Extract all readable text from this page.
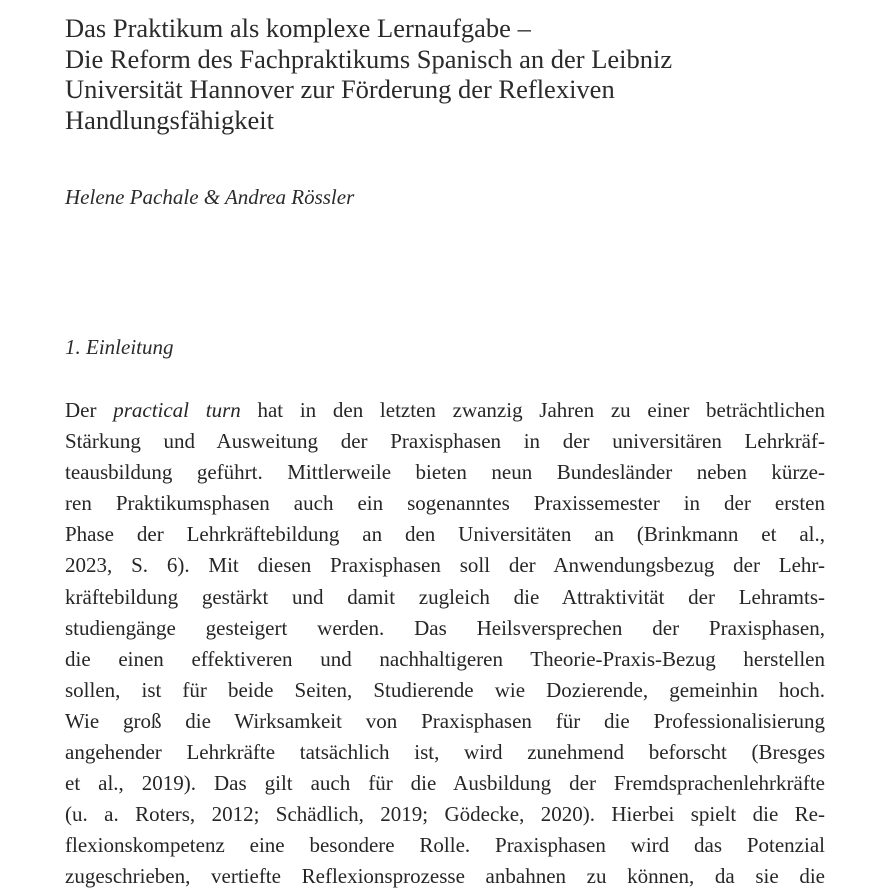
Das Praktikum als komplexe Lernaufgabe –
Die Reform des Fachpraktikums Spanisch an der Leibniz
Universität Hannover zur Förderung der Reflexiven
Handlungsfähigkeit
Helene Pachale & Andrea Rössler
1. Einleitung
Der practical turn hat in den letzten zwanzig Jahren zu einer beträchtlichen
Stärkung und Ausweitung der Praxisphasen in der universitären Lehrkräf-
teausbildung geführt. Mittlerweile bieten neun Bundesländer neben kürze-
ren Praktikumsphasen auch ein sogenanntes Praxissemester in der ersten
Phase der Lehrkräftebildung an den Universitäten an (Brinkmann et al.,
2023, S. 6). Mit diesen Praxisphasen soll der Anwendungsbezug der Lehr-
kräftebildung gestärkt und damit zugleich die Attraktivität der Lehramts-
studiengänge gesteigert werden. Das Heilsversprechen der Praxisphasen,
die einen effektiveren und nachhaltigeren Theorie-Praxis-Bezug herstellen
sollen, ist für beide Seiten, Studierende wie Dozierende, gemeinhin hoch.
Wie groß die Wirksamkeit von Praxisphasen für die Professionalisierung
angehender Lehrkräfte tatsächlich ist, wird zunehmend beforscht (Bresges
et al., 2019). Das gilt auch für die Ausbildung der Fremdsprachenlehrkräfte
(u. a. Roters, 2012; Schädlich, 2019; Gödecke, 2020). Hierbei spielt die Re-
flexionskompetenz eine besondere Rolle. Praxisphasen wird das Potenzial
zugeschrieben, vertiefte Reflexionsprozesse anbahnen zu können, da sie die
